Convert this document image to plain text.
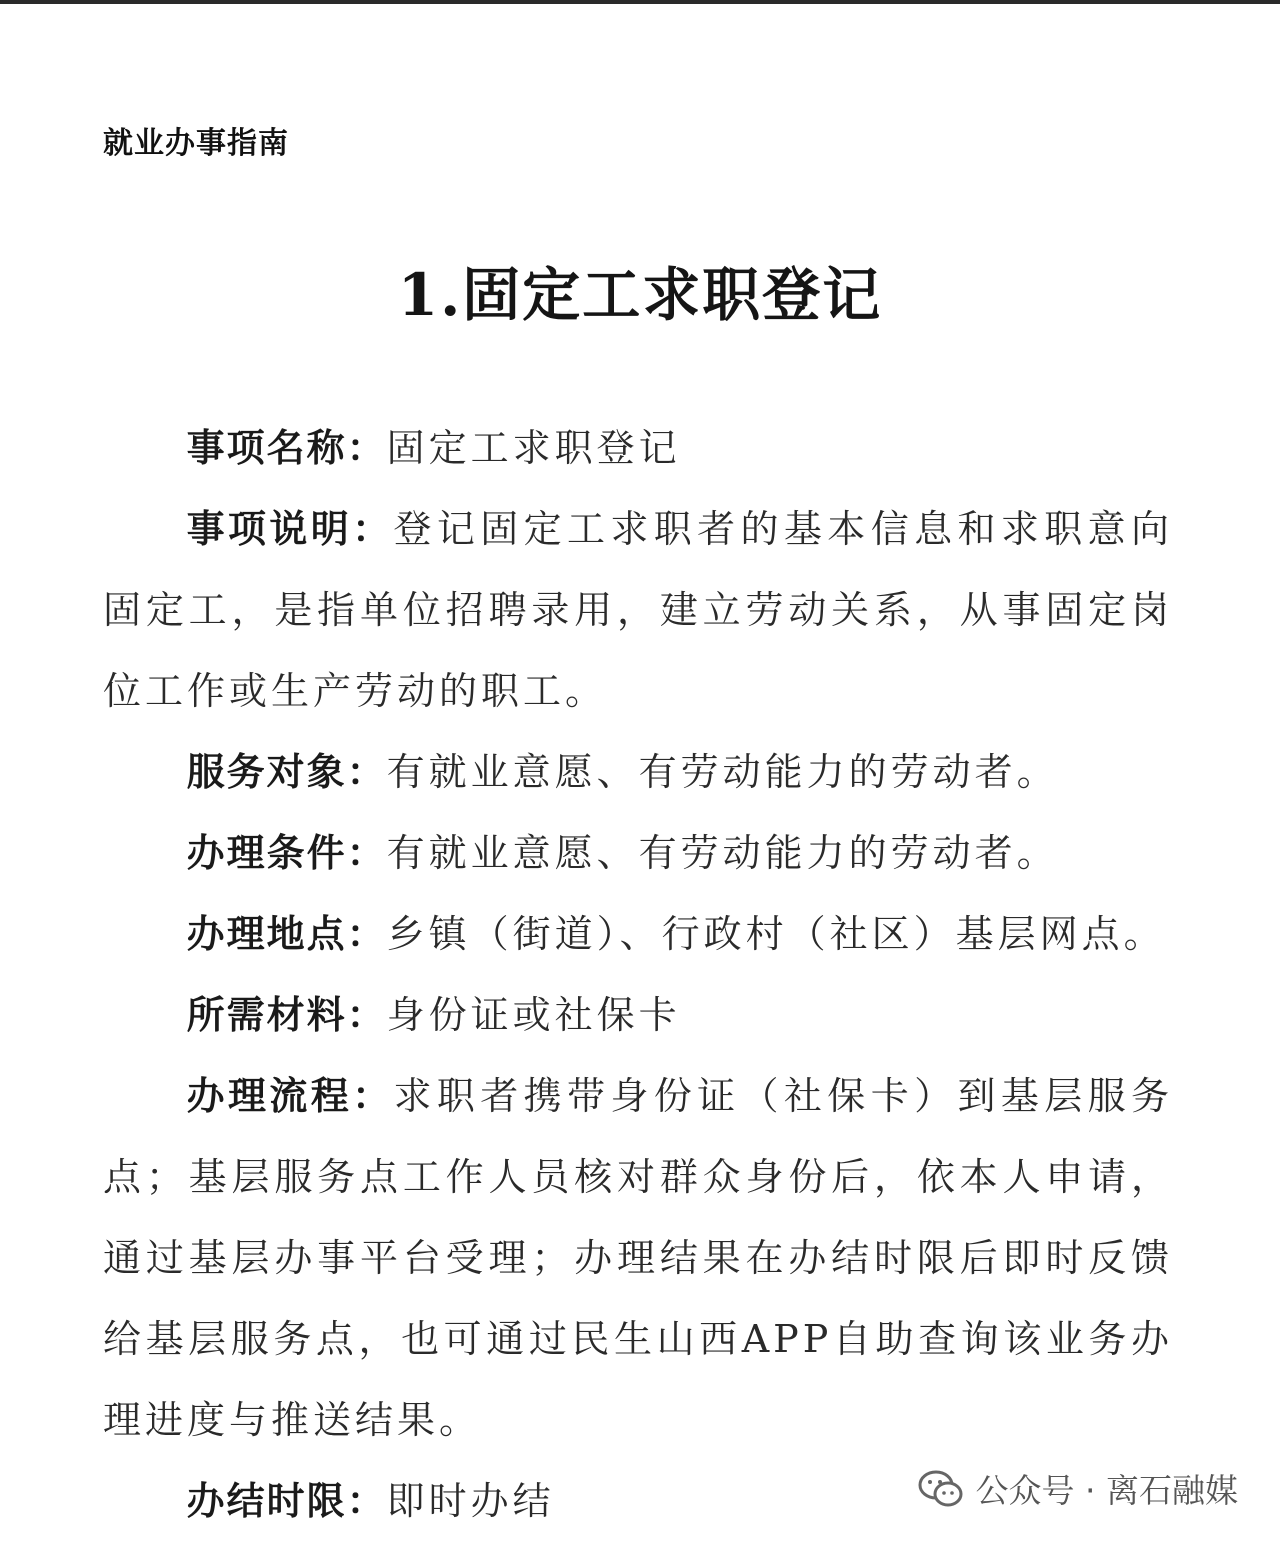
就业办事指南
1.固定工求职登记

事项名称：固定工求职登记

事项说明：登记固定工求职者的基本信息和求职意向固定工，是指单位招聘录用，建立劳动关系，从事固定岗位工作或生产劳动的职工。

服务对象：有就业意愿、有劳动能力的劳动者。

办理条件：有就业意愿、有劳动能力的劳动者。

办理地点：乡镇（街道）、行政村（社区）基层网点。

所需材料：身份证或社保卡

办理流程：求职者携带身份证（社保卡）到基层服务点；基层服务点工作人员核对群众身份后，依本人申请，通过基层办事平台受理；办理结果在办结时限后即时反馈给基层服务点，也可通过民生山西APP自助查询该业务办理进度与推送结果。

办结时限：即时办结	公众号 · 离石融媒
